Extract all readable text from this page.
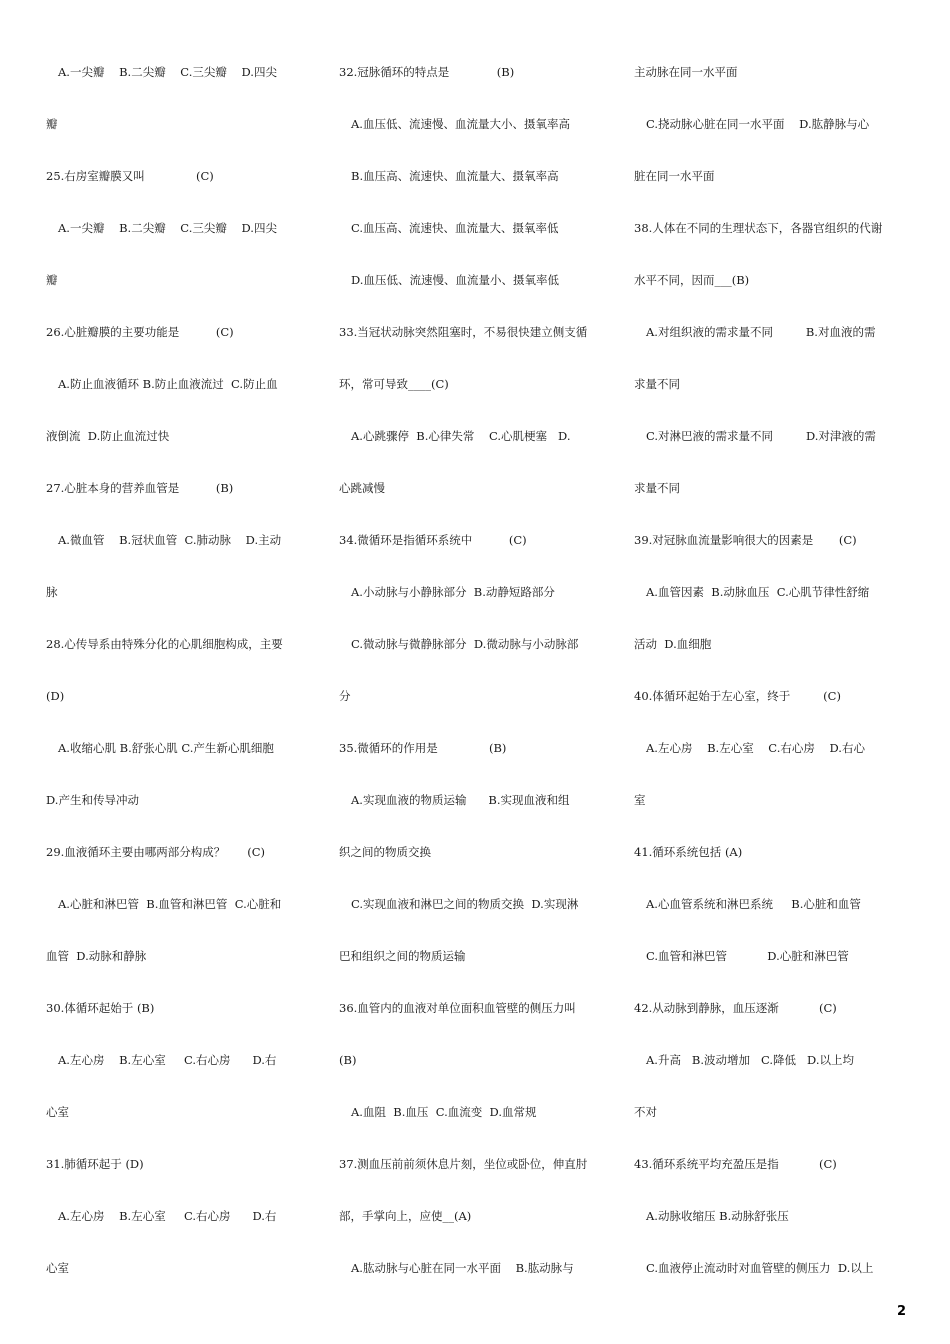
A.一尖瓣    B.二尖瓣    C.三尖瓣    D.四尖
瓣
25.右房室瓣膜又叫              (C)
A.一尖瓣    B.二尖瓣    C.三尖瓣    D.四尖
瓣
26.心脏瓣膜的主要功能是          (C)
A.防止血液循环 B.防止血液流过  C.防止血
液倒流  D.防止血流过快
27.心脏本身的营养血管是          (B)
A.微血管    B.冠状血管  C.肺动脉    D.主动
脉
28.心传导系由特殊分化的心肌细胞构成，主要
(D)
A.收缩心肌 B.舒张心肌 C.产生新心肌细胞
D.产生和传导冲动
29.血液循环主要由哪两部分构成？      (C)
A.心脏和淋巴管  B.血管和淋巴管  C.心脏和
血管  D.动脉和静脉
30.体循环起始于 (B)
A.左心房    B.左心室     C.右心房      D.右
心室
31.肺循环起于 (D)
A.左心房    B.左心室     C.右心房      D.右
心室
32.冠脉循环的特点是             (B)
A.血压低、流速慢、血流量大小、摄氧率高
B.血压高、流速快、血流量大、摄氧率高
C.血压高、流速快、血流量大、摄氧率低
D.血压低、流速慢、血流量小、摄氧率低
33.当冠状动脉突然阻塞时，不易很快建立侧支循
环，常可导致____(C)
A.心跳骤停  B.心律失常    C.心肌梗塞   D.
心跳减慢
34.微循环是指循环系统中          (C)
A.小动脉与小静脉部分  B.动静短路部分
C.微动脉与微静脉部分  D.微动脉与小动脉部
分
35.微循环的作用是              (B)
A.实现血液的物质运输      B.实现血液和组
织之间的物质交换
C.实现血液和淋巴之间的物质交换  D.实现淋
巴和组织之间的物质运输
36.血管内的血液对单位面积血管壁的侧压力叫
(B)
A.血阻  B.血压  C.血流变  D.血常规
37.测血压前前须休息片刻，坐位或卧位，伸直肘
部，手掌向上，应使__(A)
A.肱动脉与心脏在同一水平面    B.肱动脉与
主动脉在同一水平面
C.挠动脉心脏在同一水平面    D.肱静脉与心
脏在同一水平面
38.人体在不同的生理状态下，各器官组织的代谢
水平不同，因而___(B)
A.对组织液的需求量不同         B.对血液的需
求量不同
C.对淋巴液的需求量不同         D.对津液的需
求量不同
39.对冠脉血流量影响很大的因素是       (C)
A.血管因素  B.动脉血压  C.心肌节律性舒缩
活动  D.血细胞
40.体循环起始于左心室，终于         (C)
A.左心房    B.左心室    C.右心房    D.右心
室
41.循环系统包括 (A)
A.心血管系统和淋巴系统     B.心脏和血管
C.血管和淋巴管           D.心脏和淋巴管
42.从动脉到静脉，血压逐渐           (C)
A.升高   B.波动增加   C.降低   D.以上均
不对
43.循环系统平均充盈压是指           (C)
A.动脉收缩压 B.动脉舒张压
C.血液停止流动时对血管壁的侧压力  D.以上
2
